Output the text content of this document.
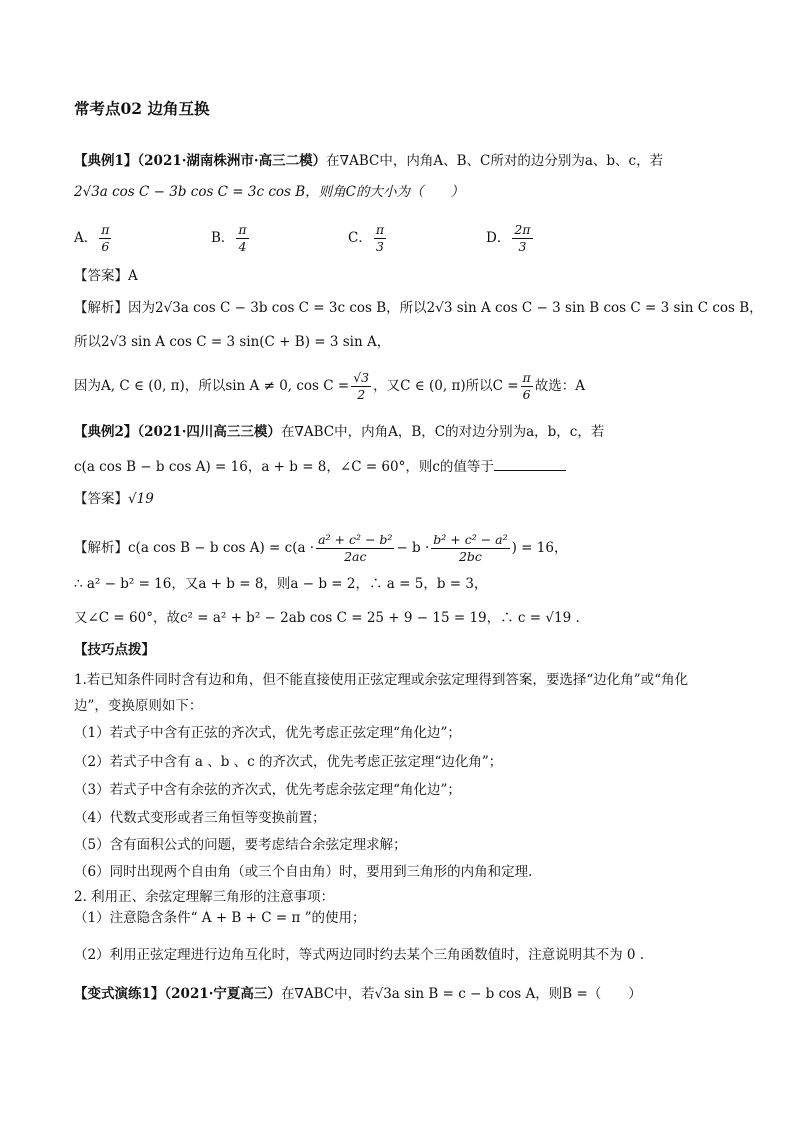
常考点02 边角互换
【典例1】（2021·湖南株洲市·高三二模）在∇ABC中，内角A、B、C所对的边分别为a、b、c，若
2√3a cos C − 3b cos C = 3c cos B，则角C的大小为（　　）
A． $\frac{\pi}{6}$	B． $\frac{\pi}{4}$	C． $\frac{\pi}{3}$	D． $\frac{2\pi}{3}$
【答案】A
【解析】因为2√3a cos C − 3b cos C = 3c cos B，所以2√3 sin A cos C − 3 sin B cos C = 3 sin C cos B，
所以2√3 sin A cos C = 3 sin(C + B) = 3 sin A，
因为A, C ∈ (0, π)，所以sin A ≠ 0, $\cos C = \frac{√3}{2}$ ，又C ∈ (0, π)所以$C = \frac{\pi}{6}$ 故选：A
【典例2】（2021·四川高三三模）在∇ABC中，内角A，B，C的对边分别为a，b，c，若
c(a cos B − b cos A) = 16，a + b = 8，∠C = 60°，则c的值等于
【答案】√19
【解析】c(a cos B − b $\cos A) = c(a \cdot \frac{\text{a² + c² − b²}}{2ac} - b \cdot \frac{\text{b² + c² − a²}}{2bc}$ ) = 16，
∴ a² − b² = 16，又a + b = 8，则a − b = 2，∴ a = 5，b = 3，
又∠C = 60°，故c² = a² + b² − 2ab cos C = 25 + 9 − 15 = 19，∴ c = √19 .
【技巧点拨】
1.若已知条件同时含有边和角，但不能直接使用正弦定理或余弦定理得到答案，要选择“边化角”或“角化
边”，变换原则如下：
（1）若式子中含有正弦的齐次式，优先考虑正弦定理“角化边”；
（2）若式子中含有 a 、b 、c 的齐次式，优先考虑正弦定理“边化角”；
（3）若式子中含有余弦的齐次式，优先考虑余弦定理“角化边”；
（4）代数式变形或者三角恒等变换前置；
（5）含有面积公式的问题，要考虑结合余弦定理求解；
（6）同时出现两个自由角（或三个自由角）时，要用到三角形的内角和定理.
2. 利用正、余弦定理解三角形的注意事项：
（1）注意隐含条件“ A + B + C = π ”的使用；
（2）利用正弦定理进行边角互化时，等式两边同时约去某个三角函数值时，注意说明其不为 0 .
【变式演练1】（2021·宁夏高三）在∇ABC中，若√3a sin B = c − b cos A，则B =（　　）
